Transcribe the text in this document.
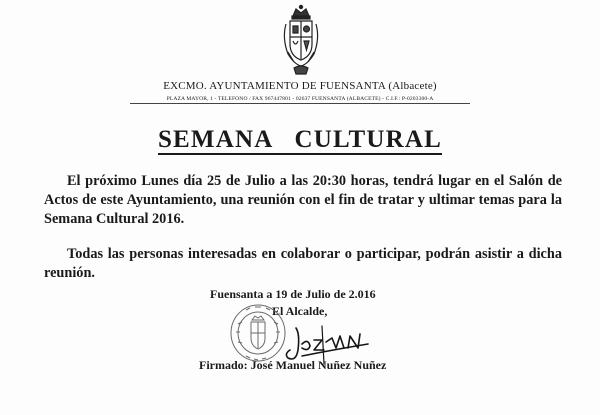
EXCMO. AYUNTAMIENTO DE FUENSANTA (Albacete)
PLAZA MAYOR, 1 - TELEFONO / FAX 967447801 - 02637 FUENSANTA (ALBACETE) - C.I.F.: P-0203300-A
SEMANA   CULTURAL
El próximo Lunes día 25 de Julio a las 20:30 horas, tendrá lugar en el Salón de Actos de este Ayuntamiento, una reunión con el fin de tratar y ultimar temas para la Semana Cultural 2016.
Todas las personas interesadas en colaborar o participar, podrán asistir a dicha reunión.
Fuensanta a 19 de Julio de 2.016
El Alcalde,
Firmado: José Manuel Nuñez Nuñez
